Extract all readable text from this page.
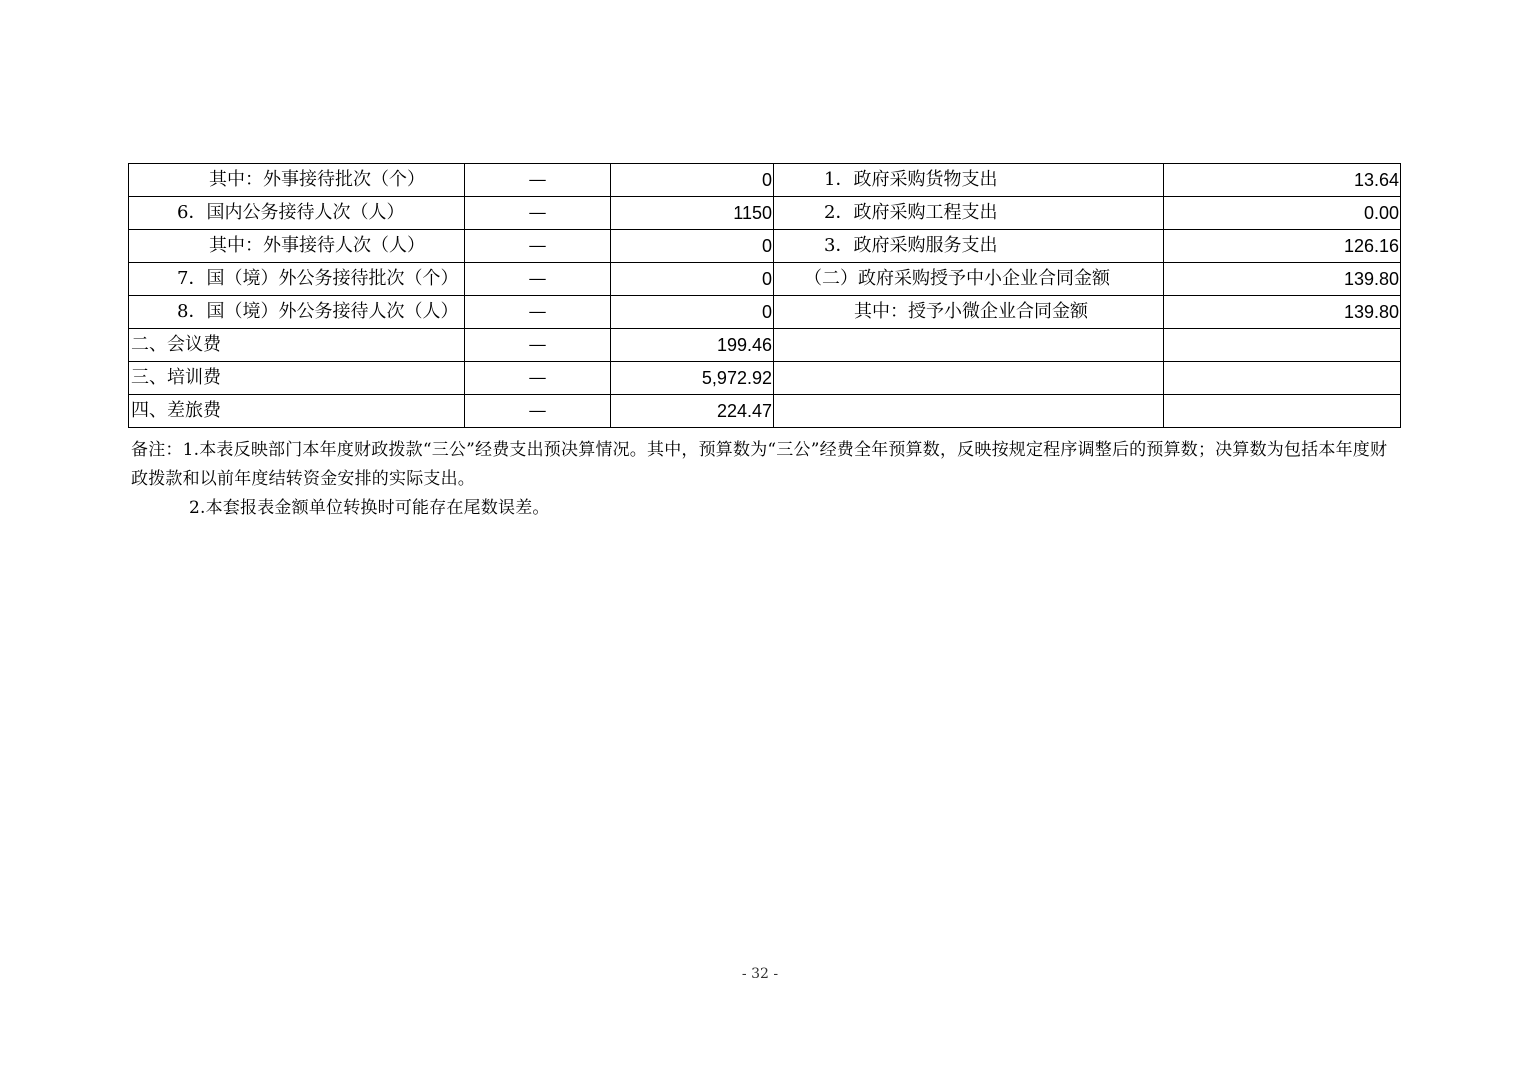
其中：外事接待批次（个）	—	0	1．政府采购货物支出	13.64
6．国内公务接待人次（人）	—	1150	2．政府采购工程支出	0.00
其中：外事接待人次（人）	—	0	3．政府采购服务支出	126.16
7．国（境）外公务接待批次（个）	—	0	（二）政府采购授予中小企业合同金额	139.80
8．国（境）外公务接待人次（人）	—	0	其中：授予小微企业合同金额	139.80
二、会议费	—	199.46		
三、培训费	—	5,972.92		
四、差旅费	—	224.47		

备注：1.本表反映部门本年度财政拨款“三公”经费支出预决算情况。其中，预算数为“三公”经费全年预算数，反映按规定程序调整后的预算数；决算数为包括本年度财政拨款和以前年度结转资金安排的实际支出。

2.本套报表金额单位转换时可能存在尾数误差。

- 32 -
